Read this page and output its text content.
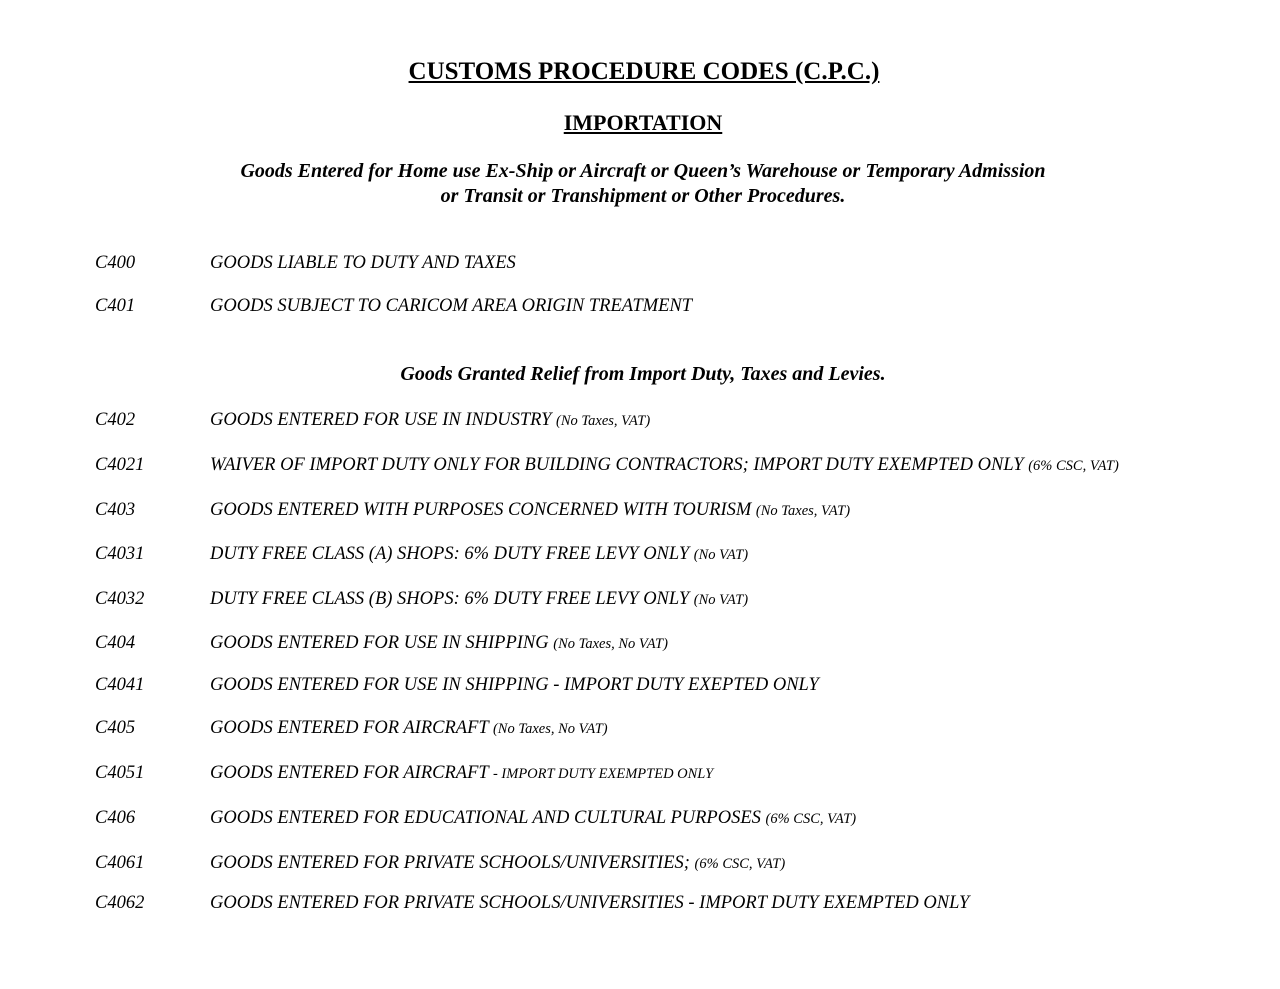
CUSTOMS PROCEDURE CODES (C.P.C.)
IMPORTATION
Goods Entered for Home use Ex-Ship or Aircraft or Queen’s Warehouse or Temporary Admission
or Transit or Transhipment or Other Procedures.
C400	GOODS LIABLE TO DUTY AND TAXES
C401	GOODS SUBJECT TO CARICOM AREA ORIGIN TREATMENT
Goods Granted Relief from Import Duty, Taxes and Levies.
C402	GOODS ENTERED FOR USE IN INDUSTRY (No Taxes, VAT)
C4021	WAIVER OF IMPORT DUTY ONLY FOR BUILDING CONTRACTORS; IMPORT DUTY EXEMPTED ONLY (6% CSC, VAT)
C403	GOODS ENTERED WITH PURPOSES CONCERNED WITH TOURISM (No Taxes, VAT)
C4031	DUTY FREE CLASS (A) SHOPS: 6% DUTY FREE LEVY ONLY (No VAT)
C4032	DUTY FREE CLASS (B) SHOPS: 6% DUTY FREE LEVY ONLY (No VAT)
C404	GOODS ENTERED FOR USE IN SHIPPING (No Taxes, No VAT)
C4041	GOODS ENTERED FOR USE IN SHIPPING - IMPORT DUTY EXEPTED ONLY
C405	GOODS ENTERED FOR AIRCRAFT (No Taxes, No VAT)
C4051	GOODS ENTERED FOR AIRCRAFT - IMPORT DUTY EXEMPTED ONLY
C406	GOODS ENTERED FOR EDUCATIONAL AND CULTURAL PURPOSES (6% CSC, VAT)
C4061	GOODS ENTERED FOR PRIVATE SCHOOLS/UNIVERSITIES; (6% CSC, VAT)
C4062	GOODS ENTERED FOR PRIVATE SCHOOLS/UNIVERSITIES - IMPORT DUTY EXEMPTED ONLY
